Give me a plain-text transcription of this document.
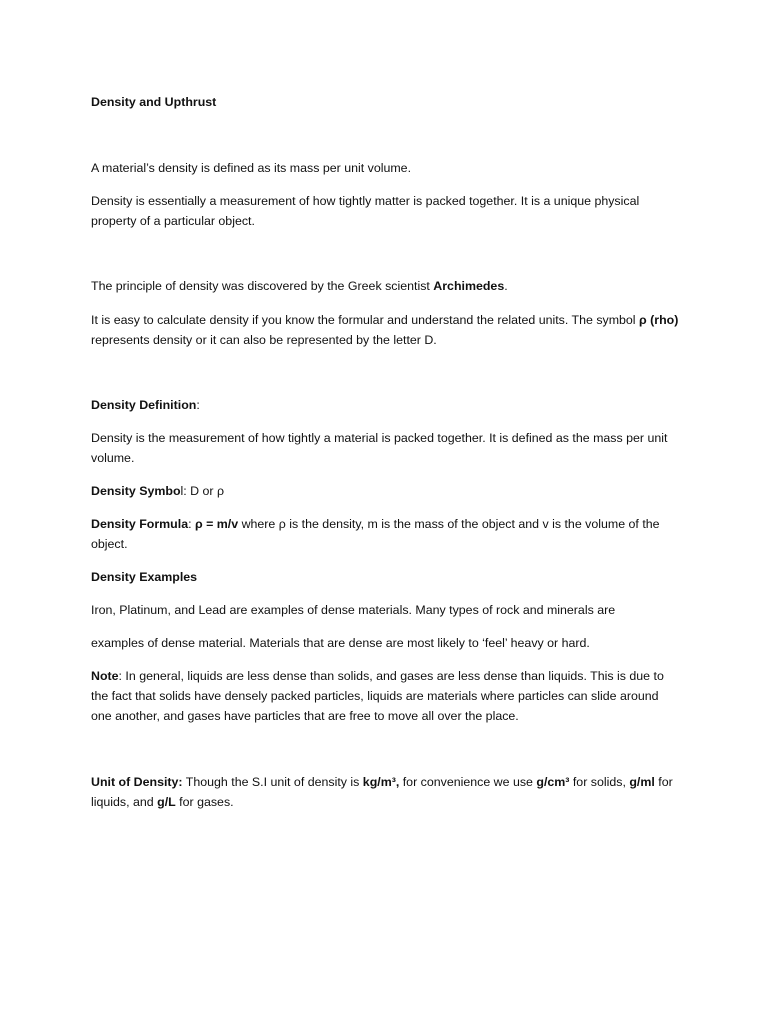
Density and Upthrust

A material’s density is defined as its mass per unit volume.

Density is essentially a measurement of how tightly matter is packed together. It is a unique physical property of a particular object.

The principle of density was discovered by the Greek scientist Archimedes.

It is easy to calculate density if you know the formular and understand the related units. The symbol ρ (rho) represents density or it can also be represented by the letter D.

Density Definition:

Density is the measurement of how tightly a material is packed together. It is defined as the mass per unit volume.

Density Symbol: D or ρ

Density Formula: ρ = m/v where ρ is the density, m is the mass of the object and v is the volume of the object.

Density Examples

Iron, Platinum, and Lead are examples of dense materials. Many types of rock and minerals are

examples of dense material. Materials that are dense are most likely to ‘feel’ heavy or hard.

Note: In general, liquids are less dense than solids, and gases are less dense than liquids. This is due to the fact that solids have densely packed particles, liquids are materials where particles can slide around one another, and gases have particles that are free to move all over the place.

Unit of Density: Though the S.I unit of density is kg/m³, for convenience we use g/cm³ for solids, g/ml for liquids, and g/L for gases.
